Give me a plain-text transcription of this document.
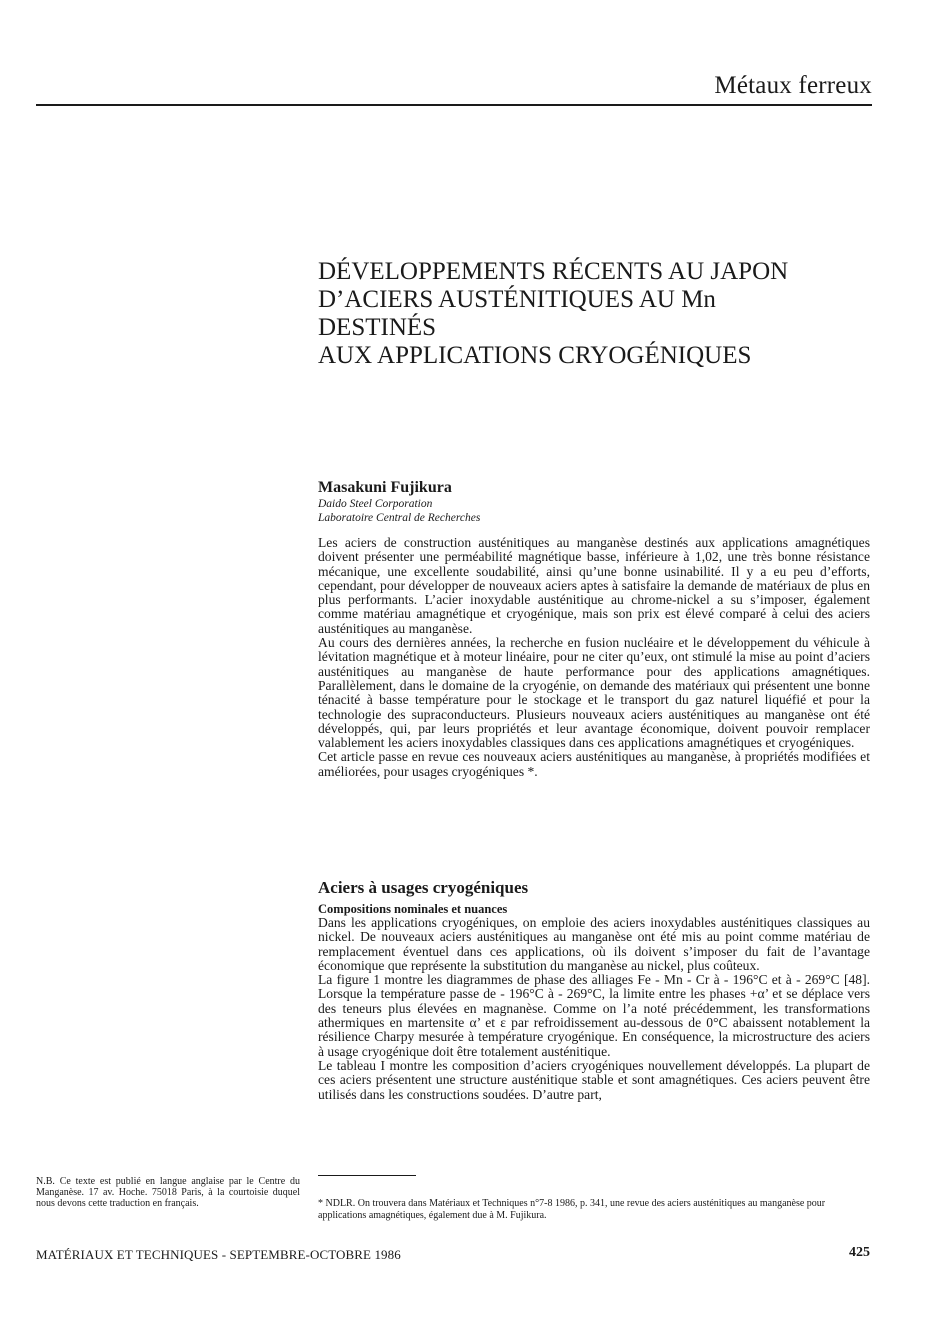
Métaux ferreux
DÉVELOPPEMENTS RÉCENTS AU JAPON
D’ACIERS AUSTÉNITIQUES AU Mn
DESTINÉS
AUX APPLICATIONS CRYOGÉNIQUES
Masakuni Fujikura
Daido Steel Corporation
Laboratoire Central de Recherches

Les aciers de construction austénitiques au manganèse destinés aux applications amagnétiques doivent présenter une perméabilité magnétique basse, inférieure à 1,02, une très bonne résistance mécanique, une excellente soudabilité, ainsi qu’une bonne usinabilité. Il y a eu peu d’efforts, cependant, pour développer de nouveaux aciers aptes à satisfaire la demande de matériaux de plus en plus performants. L’acier inoxydable austénitique au chrome-nickel a su s’imposer, également comme matériau amagnétique et cryogénique, mais son prix est élevé comparé à celui des aciers austénitiques au manganèse.

Au cours des dernières années, la recherche en fusion nucléaire et le développement du véhicule à lévitation magnétique et à moteur linéaire, pour ne citer qu’eux, ont stimulé la mise au point d’aciers austénitiques au manganèse de haute performance pour des applications amagnétiques. Parallèlement, dans le domaine de la cryogénie, on demande des matériaux qui présentent une bonne ténacité à basse température pour le stockage et le transport du gaz naturel liquéfié et pour la technologie des supraconducteurs. Plusieurs nouveaux aciers austénitiques au manganèse ont été développés, qui, par leurs propriétés et leur avantage économique, doivent pouvoir remplacer valablement les aciers inoxydables classiques dans ces applications amagnétiques et cryogéniques.

Cet article passe en revue ces nouveaux aciers austénitiques au manganèse, à propriétés modifiées et améliorées, pour usages cryogéniques *.

Aciers à usages cryogéniques
Compositions nominales et nuances

Dans les applications cryogéniques, on emploie des aciers inoxydables austénitiques classiques au nickel. De nouveaux aciers austénitiques au manganèse ont été mis au point comme matériau de remplacement éventuel dans ces applications, où ils doivent s’imposer du fait de l’avantage économique que représente la substitution du manganèse au nickel, plus coûteux.

La figure 1 montre les diagrammes de phase des alliages Fe - Mn - Cr à - 196°C et à - 269°C [48]. Lorsque la température passe de - 196°C à - 269°C, la limite entre les phases +α’ et se déplace vers des teneurs plus élevées en magnanèse. Comme on l’a noté précédemment, les transformations athermiques en martensite α’ et ε par refroidissement au-dessous de 0°C abaissent notablement la résilience Charpy mesurée à température cryogénique. En conséquence, la microstructure des aciers à usage cryogénique doit être totalement austénitique.

Le tableau I montre les composition d’aciers cryogéniques nouvellement développés. La plupart de ces aciers présentent une structure austénitique stable et sont amagnétiques. Ces aciers peuvent être utilisés dans les constructions soudées. D’autre part,

N.B. Ce texte est publié en langue anglaise par le Centre du Manganèse. 17 av. Hoche. 75018 Paris, à la courtoisie duquel nous devons cette traduction en français.	* NDLR. On trouvera dans Matériaux et Techniques n°7-8 1986, p. 341, une revue des aciers austénitiques au manganèse pour applications amagnétiques, également due à M. Fujikura.
MATÉRIAUX ET TECHNIQUES - SEPTEMBRE-OCTOBRE 1986	425
